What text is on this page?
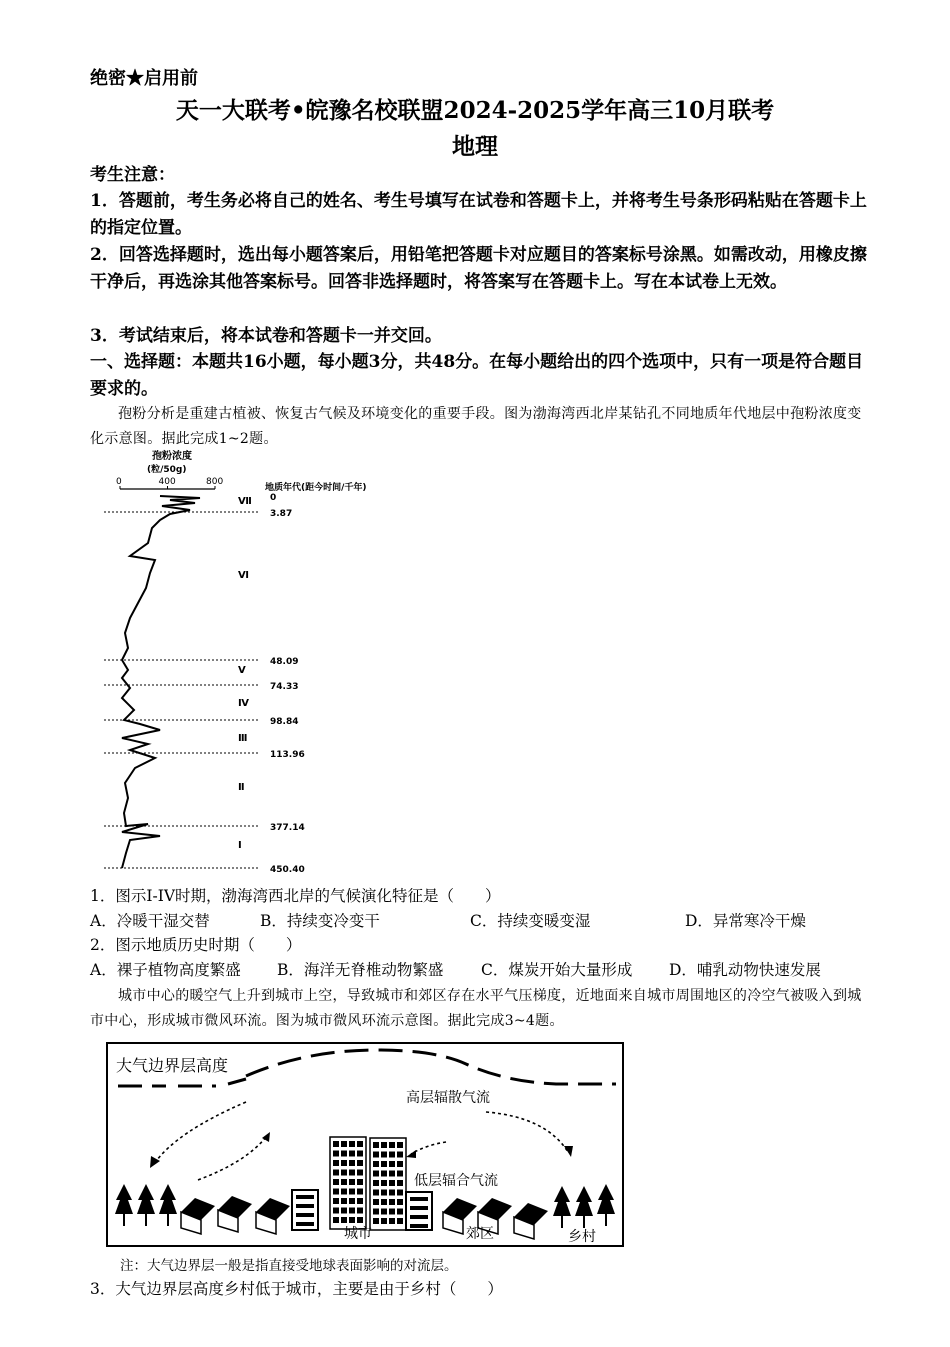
绝密★启用前
天一大联考•皖豫名校联盟2024-2025学年高三10月联考
地理
考生注意：
1．答题前，考生务必将自己的姓名、考生号填写在试卷和答题卡上，并将考生号条形码粘贴在答题卡上的指定位置。
2．回答选择题时，选出每小题答案后，用铅笔把答题卡对应题目的答案标号涂黑。如需改动，用橡皮擦干净后，再选涂其他答案标号。回答非选择题时，将答案写在答题卡上。写在本试卷上无效。
3．考试结束后，将本试卷和答题卡一并交回。
一、选择题：本题共16小题，每小题3分，共48分。在每小题给出的四个选项中，只有一项是符合题目要求的。
孢粉分析是重建古植被、恢复古气候及环境变化的重要手段。图为渤海湾西北岸某钻孔不同地质年代地层中孢粉浓度变化示意图。据此完成1~2题。
孢粉浓度
(粒/50g)
0	400	800
地质年代(距今时间/千年)
0
3.87
48.09
74.33
98.84
113.96
377.14
450.40
Ⅶ
Ⅵ
Ⅴ
Ⅳ
Ⅲ
Ⅱ
Ⅰ
1．图示I-IV时期，渤海湾西北岸的气候演化特征是（　　）
A．冷暖干湿交替	B．持续变冷变干	C．持续变暖变湿	D．异常寒冷干燥
2．图示地质历史时期（　　）
A．裸子植物高度繁盛	B．海洋无脊椎动物繁盛	C．煤炭开始大量形成	D．哺乳动物快速发展
城市中心的暖空气上升到城市上空，导致城市和郊区存在水平气压梯度，近地面来自城市周围地区的冷空气被吸入到城市中心，形成城市微风环流。图为城市微风环流示意图。据此完成3~4题。
大气边界层高度
高层辐散气流
低层辐合气流
城市	郊区	乡村
注：大气边界层一般是指直接受地球表面影响的对流层。
3．大气边界层高度乡村低于城市，主要是由于乡村（　　）
